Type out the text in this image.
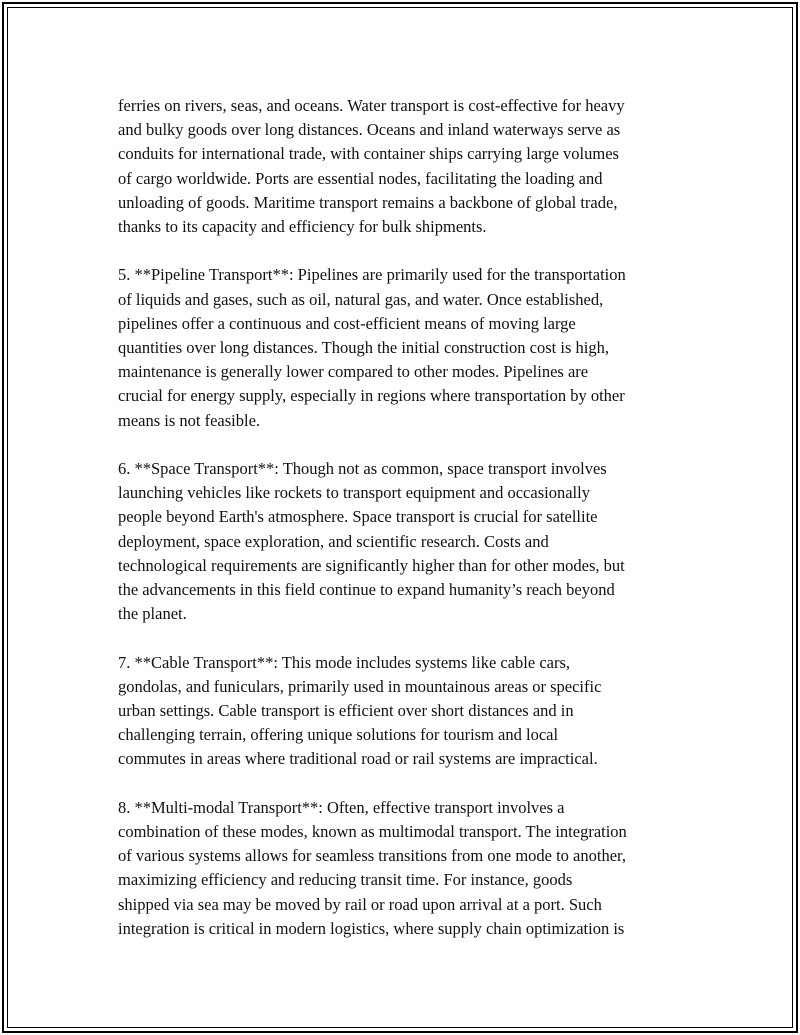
ferries on rivers, seas, and oceans. Water transport is cost-effective for heavy
and bulky goods over long distances. Oceans and inland waterways serve as
conduits for international trade, with container ships carrying large volumes
of cargo worldwide. Ports are essential nodes, facilitating the loading and
unloading of goods. Maritime transport remains a backbone of global trade,
thanks to its capacity and efficiency for bulk shipments.

5. **Pipeline Transport**: Pipelines are primarily used for the transportation
of liquids and gases, such as oil, natural gas, and water. Once established,
pipelines offer a continuous and cost-efficient means of moving large
quantities over long distances. Though the initial construction cost is high,
maintenance is generally lower compared to other modes. Pipelines are
crucial for energy supply, especially in regions where transportation by other
means is not feasible.

6. **Space Transport**: Though not as common, space transport involves
launching vehicles like rockets to transport equipment and occasionally
people beyond Earth's atmosphere. Space transport is crucial for satellite
deployment, space exploration, and scientific research. Costs and
technological requirements are significantly higher than for other modes, but
the advancements in this field continue to expand humanity’s reach beyond
the planet.

7. **Cable Transport**: This mode includes systems like cable cars,
gondolas, and funiculars, primarily used in mountainous areas or specific
urban settings. Cable transport is efficient over short distances and in
challenging terrain, offering unique solutions for tourism and local
commutes in areas where traditional road or rail systems are impractical.

8. **Multi-modal Transport**: Often, effective transport involves a
combination of these modes, known as multimodal transport. The integration
of various systems allows for seamless transitions from one mode to another,
maximizing efficiency and reducing transit time. For instance, goods
shipped via sea may be moved by rail or road upon arrival at a port. Such
integration is critical in modern logistics, where supply chain optimization is
